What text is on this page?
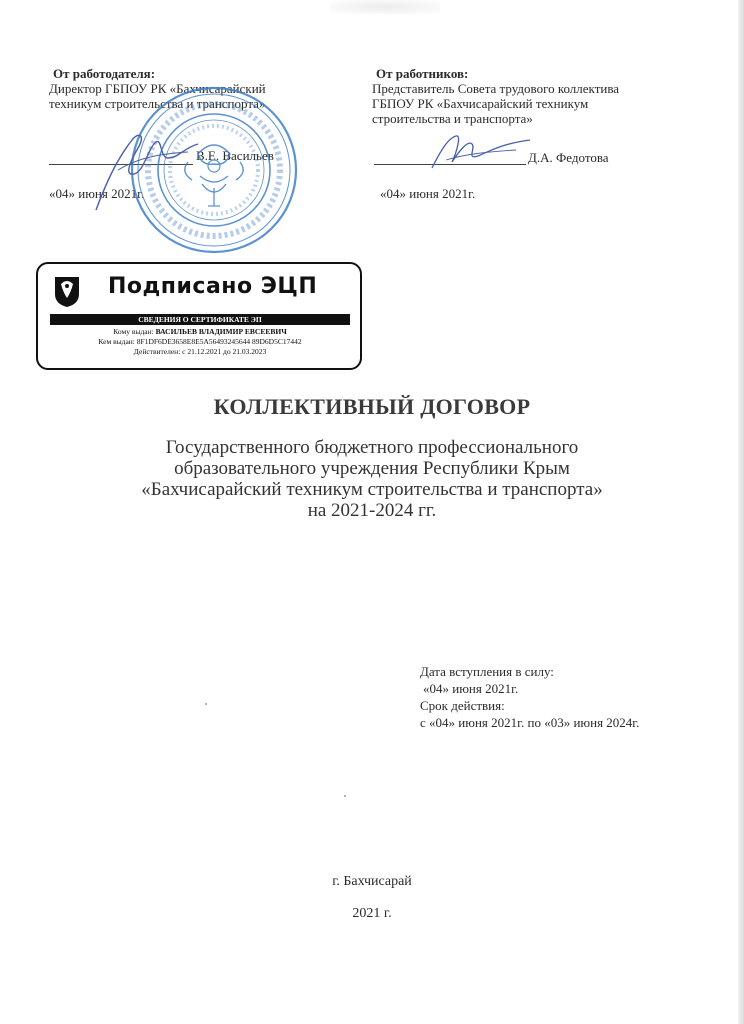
От работодателя:
Директор ГБПОУ РК «Бахчисарайский
техникум строительства и транспорта»
В.Е. Васильев
«04» июня 2021г.
От работников:
Представитель Совета трудового коллектива
ГБПОУ РК «Бахчисарайский техникум
строительства и транспорта»
Д.А. Федотова
«04» июня 2021г.
Подписано ЭЦП
СВЕДЕНИЯ О СЕРТИФИКАТЕ ЭП
Кому выдан: ВАСИЛЬЕВ ВЛАДИМИР ЕВСЕЕВИЧ
Кем выдан: 8F1DF6DE3658E8E5A56493245644 89D6D5C17442
Действителен: с 21.12.2021 до 21.03.2023
КОЛЛЕКТИВНЫЙ ДОГОВОР
Государственного бюджетного профессионального
образовательного учреждения Республики Крым
«Бахчисарайский техникум строительства и транспорта»
на 2021-2024 гг.
Дата вступления в силу:
«04» июня 2021г.
Срок действия:
с «04» июня 2021г. по «03» июня 2024г.
г. Бахчисарай
2021 г.
